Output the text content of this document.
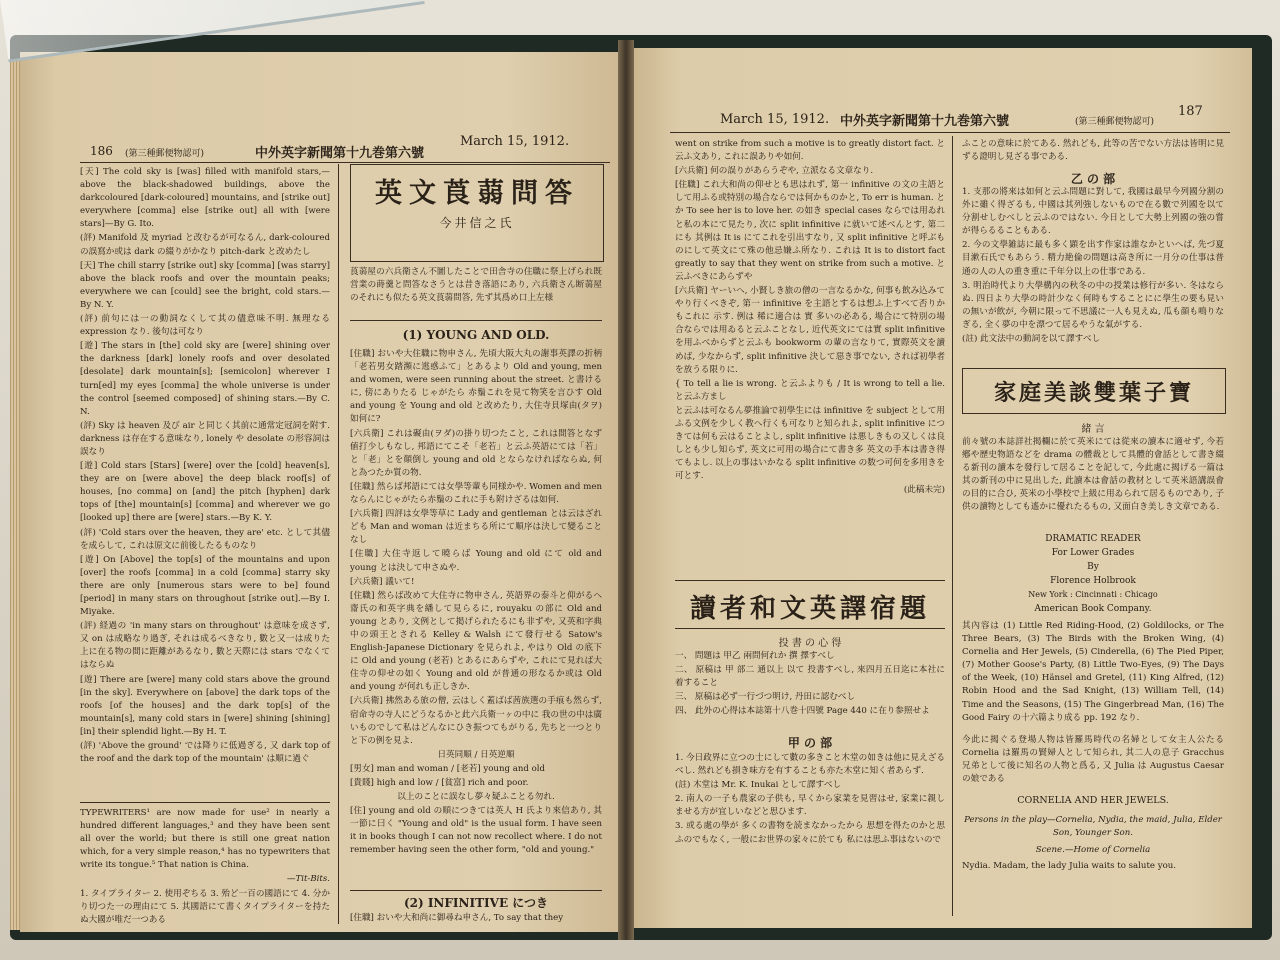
186 (第三種郵便物認可)	中外英字新聞第十九巻第六號
March 15, 1912.

[天] The cold sky is [was] filled with manifold stars,—above the black-shadowed buildings, above the darkcoloured [dark-coloured] mountains, and [strike out] everywhere [comma] else [strike out] all with [were stars]—By G. Ito.

(評) Manifold 及 myriad と改むるが可なるん, dark-coloured の誤寫か或は dark の綴りがかなり pitch-dark と改めたし

[天] The chill starry [strike out] sky [comma] [was starry] above the black roofs and over the mountain peaks; everywhere we can [could] see the bright, cold stars.—By N. Y.

(評) 前句には一の動詞なくして其の儘意味不明. 無理なる expression なり. 後句は可なり

[遊] The stars in [the] cold sky are [were] shining over the darkness [dark] lonely roofs and over desolated [desolate] dark mountain[s]; [semicolon] wherever I turn[ed] my eyes [comma] the whole universe is under the control [seemed composed] of shining stars.—By C. N.

(評) Sky は heaven 及び air と同じく其前に通常定冠詞を附す. darkness は存在する意味なり, lonely や desolate の形容詞は誤なり

[遊] Cold stars [Stars] [were] over the [cold] heaven[s], they are on [were above] the deep black roof[s] of houses, [no comma] on [and] the pitch [hyphen] dark tops of [the] mountain[s] [comma] and wherever we go [looked up] there are [were] stars.—By K. Y.

(評) 'Cold stars over the heaven, they are' etc. として其儘を成らして, これは原文に前後したるものなり

[遊] On [Above] the top[s] of the mountains and upon [over] the roofs [comma] in a cold [comma] starry sky there are only [numerous stars were to be] found [period] in many stars on throughout [strike out].—By I. Miyake.

(評) 経過の 'in many stars on throughout' は意味を成さず, 又 on は成略なり過ぎ, それは成るべきなり, 數と又一は成りた上に在る物の間に距離があるなり, 數と天際には stars でなくてはならぬ

[遊] There are [were] many cold stars above the ground [in the sky]. Everywhere on [above] the dark tops of the roofs [of the houses] and the dark top[s] of the mountain[s], many cold stars in [were] shining [shining] [in] their splendid light.—By H. T.

(評) 'Above the ground' では降りに低過ぎる, 又 dark top of the roof and the dark top of the mountain' は順に過ぐ

TYPEWRITERS¹ are now made for use² in nearly a hundred different languages,³ and they have been sent all over the world; but there is still one great nation which, for a very simple reason,⁴ has no typewriters that write its tongue.⁵ That nation is China.

—Tit-Bits.

1. タイプライター 2. 使用ぞちる 3. 殆ど一百の國語にて 4. 分かり切つた一の理由にて 5. 其國語にて書くタイプライターを持たぬ大國が唯だ一つある

英文莨蒻問答
今井信之氏
莨蒻屋の六兵衛さん不圖したことで田舎寺の住職に祭上げられ既営業の蒔羹と問答なさうとは昔き落語にあり, 六兵衛さん断蒻屋のそれにも似たる英文莨蒻問答, 先ず其爲め口上左様
(1) YOUNG AND OLD.

[住職] おいや大住職に物申さん, 先頃大阪大丸の謝事英譯の折柄「老若男女踏瀕に逃惑ふて」とあるより Old and young, men and women, were seen running about the street. と書けるに, 傍にありたる じゃがたら 赤鬚これを見て物笑を言ひす Old and young を Young and old と改めたり, 大住寺貝塚由(タヲ)如何に?

[六兵衛] これは礙由(ヲダ)の掛り切つたこと, これは間答となず値打少しもなし, 邦語にてこそ「老若」と云ふ英語にては「若」と「老」とを顛倒し young and old とならなければならぬ, 何と為つたか質の物.

[住職] 然らば邦語にては女學等輩も同様かや. Women and men ならんにじゃがたら赤鬚のこれに手も附けざるは如何.

[六兵衛] 四評は女學等草に Lady and gentleman とは云はざれども Man and woman は近まちる所にて順序は決して變ることなし

[住職] 大住寺返して曉らば Young and old にて old and young とは決して申さぬや.

[六兵衛] 議いて!

[住職] 然らば改めて大住寺に物申さん, 英語界の泰斗と仰がるへ齋氏の和英字典を繙して見らるに, rouyaku の部に Old and young とあり, 文例として掲げられたるにも非ずや, 又英和字典中の頭王とされる Kelley & Walsh にて發行せる Satow's English-Japanese Dictionary を見られよ, やはり Old の底下に Old and young (老若) とあるにあらずや, これにて見れば大住寺の仰せの如く Young and old が普通の形なるか或は Old and young が何れも正しきか.

[六兵衛] 拂然ある旅の僧, 云はしく蓋ばば茜族選の手痕も然らず, 宿命寺の寺人にどうなるかと此六兵衛一ヶの中に 我の世の中は廣いものでして私はどんなにひき振つてもがりる, 先ちと一つとりと下の例を見よ.

日英同順 / 日英逆順

[男女] man and woman / [老若] young and old

[貴賤] high and low / [貧富] rich and poor.

以上のことに誤なし夢々疑ふことる勿れ.

[住] young and old の順につきては英人 H 氏より來信あり, 其一節に曰く "Young and old" is the usual form. I have seen it in books though I can not now recollect where. I do not remember having seen the other form, "old and young."

(2) INFINITIVE につき
[住職] おいや大和尚に御尋ね申さん, To say that they
March 15, 1912. 中外英字新聞第十九巻第六號	(第三種郵便物認可)
187

went on strike from such a motive is to greatly distort fact. と云ふ文あり, これに誤ありや如何.

[六兵衛] 何の誤りがあらうぞや, 立派なる文章なり.

[住職] これ大和尚の仰せとも思はれず, 第一 infinitive の文の主語として用ふる或特別の場合ならでは何かものかと, To err is human. とか To see her is to love her. の如き special cases ならでは用ゐれと私の本にて見たり, 次に split infinitive に就いて述べんとす, 第二にも 其例は It is にてこれを引出すなり, 又 split infinitive と呼ぶものにして英文にて殊の他忌嫌ふ所なり. これは It is to distort fact greatly to say that they went on strike from such a motive. と云ふべきにあらずや

[六兵衛] ヤーいへ, 小賢しき旅の僧の一言なるかな, 何事も飲み込みてやり行くべきぞ, 第一 infinitive を主語とするは想ふ上すべて否りかもこれに 示す. 例は 稀に適合は 實 多いの必ある, 場合にて特別の場合ならでは用ゐると云ふことなし, 近代英文にては實 split infinitive を用ふべからずと云ふも bookworm の輩の言なりて, 實際英文を讀めば, 少なからず, split infinitive 決して惡き事でない, されば初學者を放うる限りに.

{ To tell a lie is wrong. と云ふよりも / It is wrong to tell a lie. と云ふ方まし

と云ふは可なるん夢推論で初學生には infinitive を subject として用ふる文例を少しく教へ行くも可なりと知られよ, split infinitive につきては何も云はることよし, split infinitive は悪しきもの又しくは良しとも少し知らず, 英文に可用の場合にて書き多 英文の手本は書き得てもよし. 以上の事はいかなる split infinitive の数つ可何を多用きを可とす.

(此稿未完)

讀者和文英譯宿題
投 書 の 心 得

一、 問題は 甲乙 兩問何れか 撰 擇すべし

二、 原稿は 甲 部二 通以上 以て 投書すべし, 來四月五日迄に本社に着すること

三、 原稿は必ず一行づつ明け, 丹田に認むべし

四、 此外の心得は本誌第十八巻十四號 Page 440 に在り参照せよ

甲 の 部

1. 今日政界に立つの士にして數の多きこと木堂の如きは他に見えざるべし. 然れども損き味方を有することも亦た木堂に知く者あらず.

(註) 木堂は Mr. K. Inukai として譯すべし

2. 南人の一子も農家の子供も, 早くから家業を見習はせ, 家業に親しませる方が宜しいなどと思ひます.

3. 或る處の學が 多くの書物を読まなかったから 思想を得たのかと思ふのでもなく, 一般にお世界の家々に於ても 私には思ふ事はないので

ふことの意味に於てある. 然れども, 此等の苦でない方法は皆明に見ずる證明し見ざる事である.
乙 の 部

1. 支那の將來は如何と云ふ問題に對して, 我國は最早今列國分割の外に雖く得ざるも, 中國は其列強しないもので在る數で列國を以て分割せしむべしと云ふのではない. 今日として大勢上列國の強の嘗が得らるることもある.

2. 今の文學雑誌に最も多く顕を出す作家は誰なかといへば, 先づ夏目漱石氏でもあらう. 精力絶倫の問題は高き所に一月分の仕事は普通の人の人の重き重に千年分以上の仕事である.

3. 明治時代より大學構內の秋冬の中の授業は修行が多い. 冬はならぬ. 四日より大學の時計少なく何時もすることにに學生の要も見いの無いが飲が, 今朝に限って不思議に一人も見えぬ, 瓜も顔も鳴りなぎる, 全く夢の中を漂つて居るやうな氣がする.

(註) 此文法中の動詞を以て譯すべし

家庭美談雙葉子寶
緒 言
前々號の本誌詳社揭欄に於て英米にては從來の讀本に適せず, 今若鄕や歷史物語などを drama の體裁として具體的會話として書き綴る新刊の讀本を發行して居ることを記して, 今此處に揭げる一篇は其の新刊の中に見出した, 此讀本は會話の教材として英米語講誤會の目的に合ひ, 英米の小學校で上級に用ゐられて居るものであり, 子供の讀物としても遙かに優れたるもの, 又面白き美しき文章である.
DRAMATIC READER
For Lower Grades
By
Florence Holbrook
New York : Cincinnati : Chicago
American Book Company.
其內容は (1) Little Red Riding-Hood, (2) Goldilocks, or The Three Bears, (3) The Birds with the Broken Wing, (4) Cornelia and Her Jewels, (5) Cinderella, (6) The Pied Piper, (7) Mother Goose's Party, (8) Little Two-Eyes, (9) The Days of the Week, (10) Hänsel and Gretel, (11) King Alfred, (12) Robin Hood and the Sad Knight, (13) William Tell, (14) Time and the Seasons, (15) The Gingerbread Man, (16) The Good Fairy の十六篇より成る pp. 192 なり.
今此に揭ぐる登場人物は皆羅馬時代の名婦として女主人公たる Cornelia は羅馬の賢婦人として知られ, 其二人の息子 Gracchus 兄弟として後に知名の人物と爲る, 又 Julia は Augustus Caesar の娘である
CORNELIA AND HER JEWELS.
Persons in the play—Cornelia, Nydia, the maid, Julia, Elder Son, Younger Son.
Scene.—Home of Cornelia
Nydia. Madam, the lady Julia waits to salute you.
